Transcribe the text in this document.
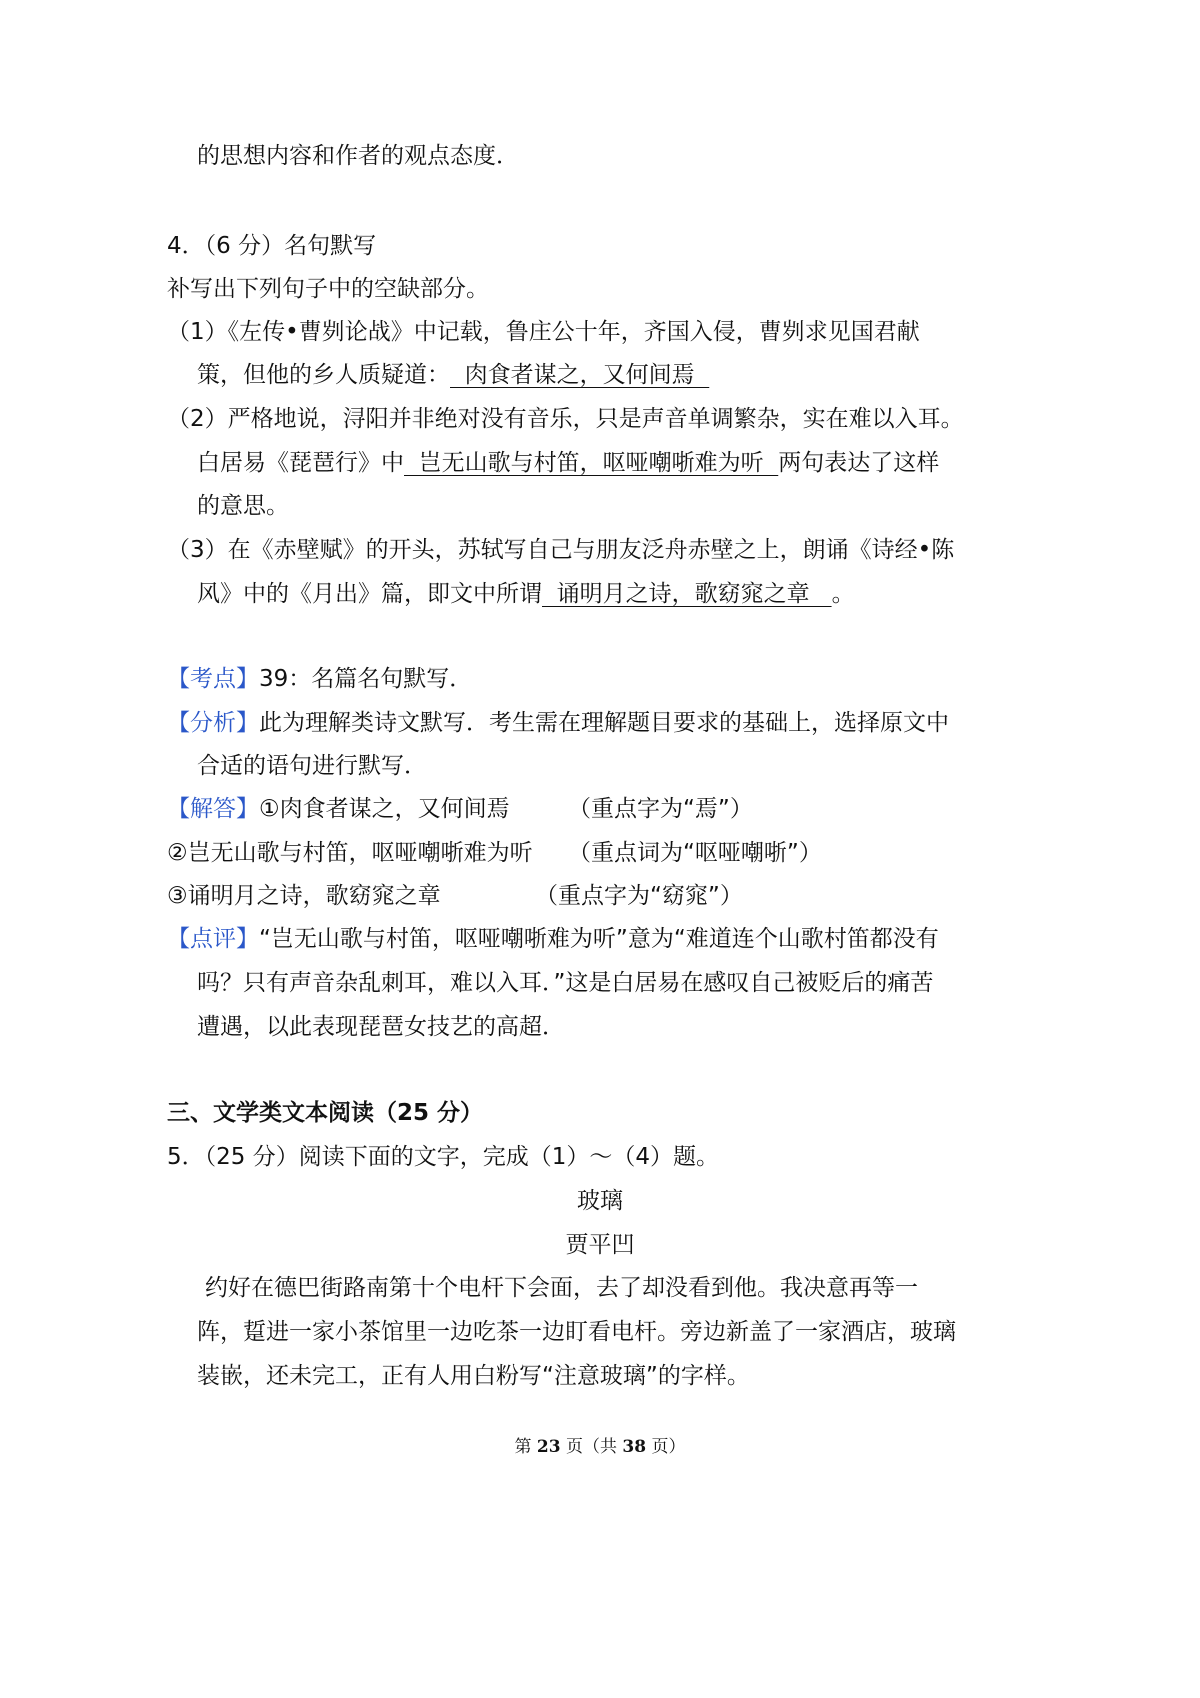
的思想内容和作者的观点态度．
4．（6 分）名句默写
补写出下列句子中的空缺部分。
（1）《左传•曹刿论战》中记载，鲁庄公十年，齐国入侵，曹刿求见国君献
策，但他的乡人质疑道：  肉食者谋之，又何间焉
（2）严格地说，浔阳并非绝对没有音乐，只是声音单调繁杂，实在难以入耳。
白居易《琵琶行》中  岂无山歌与村笛，呕哑嘲哳难为听  两句表达了这样
的意思。
（3）在《赤壁赋》的开头，苏轼写自己与朋友泛舟赤壁之上，朗诵《诗经•陈
风》中的《月出》篇，即文中所谓  诵明月之诗，歌窈窕之章   。
【考点】39：名篇名句默写．
【分析】此为理解类诗文默写．考生需在理解题目要求的基础上，选择原文中
合适的语句进行默写．
【解答】①肉食者谋之，又何间焉	（重点字为“焉”）
②岂无山歌与村笛，呕哑嘲哳难为听 （重点词为“呕哑嘲哳”）
③诵明月之诗，歌窈窕之章	（重点字为“窈窕”）
【点评】“岂无山歌与村笛，呕哑嘲哳难为听”意为“难道连个山歌村笛都没有
吗？只有声音杂乱刺耳，难以入耳．”这是白居易在感叹自己被贬后的痛苦
遭遇，以此表现琵琶女技艺的高超．
三、文学类文本阅读（25 分）
5．（25 分）阅读下面的文字，完成（1）～（4）题。
玻璃
贾平凹
约好在德巴街路南第十个电杆下会面，去了却没看到他。我决意再等一
阵，踅进一家小茶馆里一边吃茶一边盯看电杆。旁边新盖了一家酒店，玻璃
装嵌，还未完工，正有人用白粉写“注意玻璃”的字样。
第 23 页（共 38 页）
